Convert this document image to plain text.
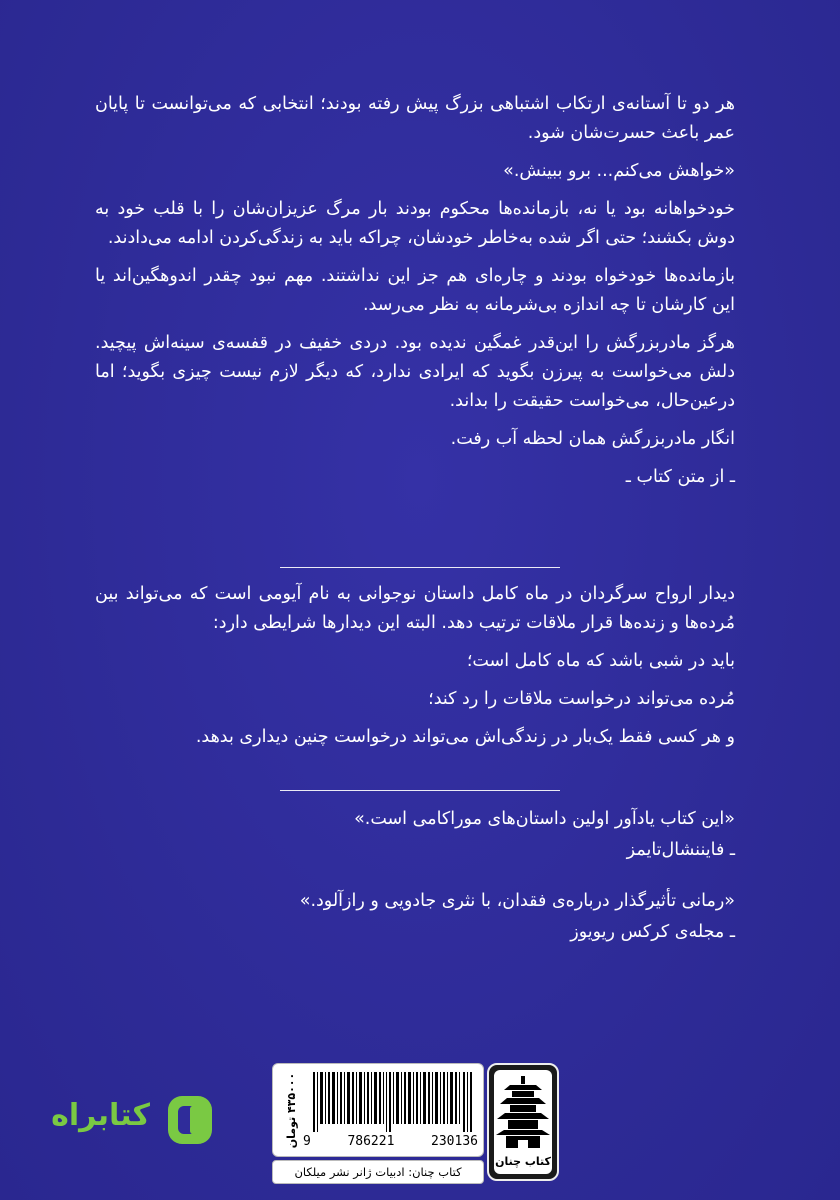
هر دو تا آستانه‌ی ارتکاب اشتباهی بزرگ پیش رفته بودند؛ انتخابی که می‌توانست تا پایان عمر باعث حسرت‌شان شود.

«خواهش می‌کنم... برو ببینش.»

خودخواهانه بود یا نه، بازمانده‌ها محکوم بودند بار مرگ عزیزان‌شان را با قلب خود به دوش بکشند؛ حتی اگر شده به‌خاطر خودشان، چراکه باید به زندگی‌کردن ادامه می‌دادند.

بازمانده‌ها خودخواه بودند و چاره‌ای هم جز این نداشتند. مهم نبود چقدر اندوهگین‌اند یا این کارشان تا چه اندازه بی‌شرمانه به نظر می‌رسد.

هرگز مادربزرگش را این‌قدر غمگین ندیده بود. دردی خفیف در قفسه‌ی سینه‌اش پیچید. دلش می‌خواست به پیرزن بگوید که ایرادی ندارد، که دیگر لازم نیست چیزی بگوید؛ اما درعین‌حال، می‌خواست حقیقت را بداند.

انگار مادربزرگش همان لحظه آب رفت.

ـ از متن کتاب ـ

دیدار ارواح سرگردان در ماه کامل داستان نوجوانی به نام آیومی است که می‌تواند بین مُرده‌ها و زنده‌ها قرار ملاقات ترتیب دهد. البته این دیدارها شرایطی دارد:

باید در شبی باشد که ماه کامل است؛

مُرده می‌تواند درخواست ملاقات را رد کند؛

و هر کسی فقط یک‌بار در زندگی‌اش می‌تواند درخواست چنین دیداری بدهد.

«این کتاب یادآور اولین داستان‌های موراکامی است.»

ـ فایننشال‌تایمز

«رمانی تأثیرگذار درباره‌ی فقدان، با نثری جادویی و رازآلود.»

ـ مجله‌ی کرکس ریویوز

کتابراه	۴۳۵۰۰۰ تومان
9	786221	230136
کتاب چنان: ادبیات ژانر نشر میلکان
کتاب چنان
